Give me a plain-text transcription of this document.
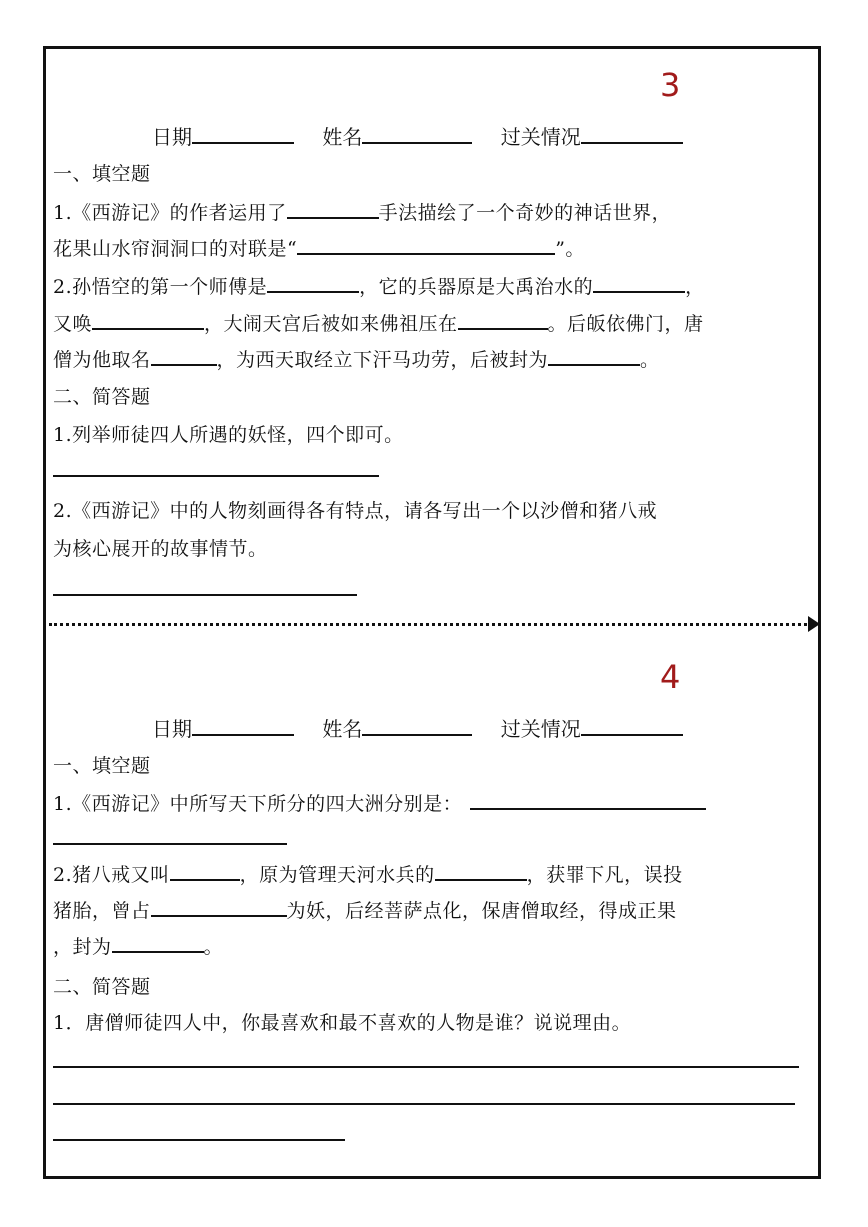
3
日期	姓名	过关情况
一、填空题
1.《西游记》的作者运用了	手法描绘了一个奇妙的神话世界，
花果山水帘洞洞口的对联是“	”。
2.孙悟空的第一个师傅是	，它的兵器原是大禹治水的	，
又唤	，大闹天宫后被如来佛祖压在	。后皈依佛门，唐
僧为他取名	，为西天取经立下汗马功劳，后被封为	。
二、简答题
1.列举师徒四人所遇的妖怪，四个即可。
2.《西游记》中的人物刻画得各有特点，请各写出一个以沙僧和猪八戒
为核心展开的故事情节。
4
日期	姓名	过关情况
一、填空题
1.《西游记》中所写天下所分的四大洲分别是：
2.猪八戒又叫	，原为管理天河水兵的	，获罪下凡，误投
猪胎，曾占	为妖，后经菩萨点化，保唐僧取经，得成正果
，封为	。
二、简答题
1．唐僧师徒四人中，你最喜欢和最不喜欢的人物是谁？说说理由。
